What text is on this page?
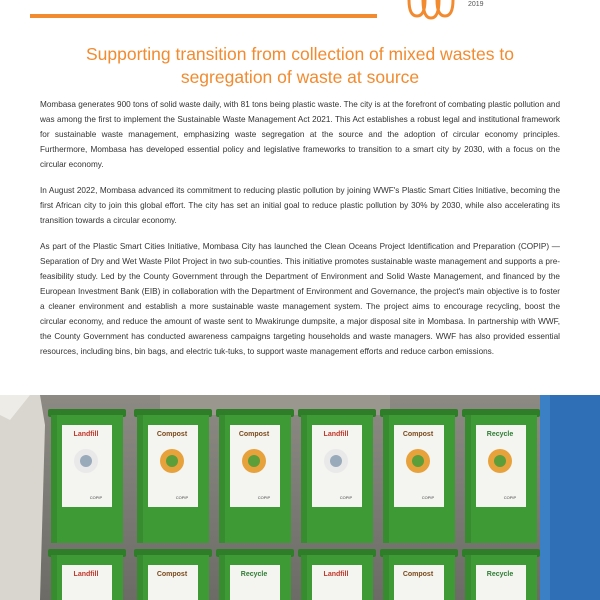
2019
Supporting transition from collection of mixed wastes to segregation of waste at source

Mombasa generates 900 tons of solid waste daily, with 81 tons being plastic waste. The city is at the forefront of combating plastic pollution and was among the first to implement the Sustainable Waste Management Act 2021. This Act establishes a robust legal and institutional framework for sustainable waste management, emphasizing waste segregation at the source and the adoption of circular economy principles. Furthermore, Mombasa has developed essential policy and legislative frameworks to transition to a smart city by 2030, with a focus on the circular economy.

In August 2022, Mombasa advanced its commitment to reducing plastic pollution by joining WWF's Plastic Smart Cities Initiative, becoming the first African city to join this global effort. The city has set an initial goal to reduce plastic pollution by 30% by 2030, while also accelerating its transition towards a circular economy.

As part of the Plastic Smart Cities Initiative, Mombasa City has launched the Clean Oceans Project Identification and Preparation (COPIP) — Separation of Dry and Wet Waste Pilot Project in two sub-counties. This initiative promotes sustainable waste management and supports a pre-feasibility study. Led by the County Government through the Department of Environment and Solid Waste Management, and financed by the European Investment Bank (EIB) in collaboration with the Department of Environment and Governance, the project's main objective is to foster a cleaner environment and establish a more sustainable waste management system. The project aims to encourage recycling, boost the circular economy, and reduce the amount of waste sent to Mwakirunge dumpsite, a major disposal site in Mombasa. In partnership with WWF, the County Government has conducted awareness campaigns targeting households and waste managers. WWF has also provided essential resources, including bins, bin bags, and electric tuk-tuks, to support waste management efforts and reduce carbon emissions.

Landfill
COPIP
Compost
COPIP
Compost
COPIP
Landfill
COPIP
Compost
COPIP
Recycle
COPIP
Landfill	Compost	Recycle	Landfill	Compost	Recycle
